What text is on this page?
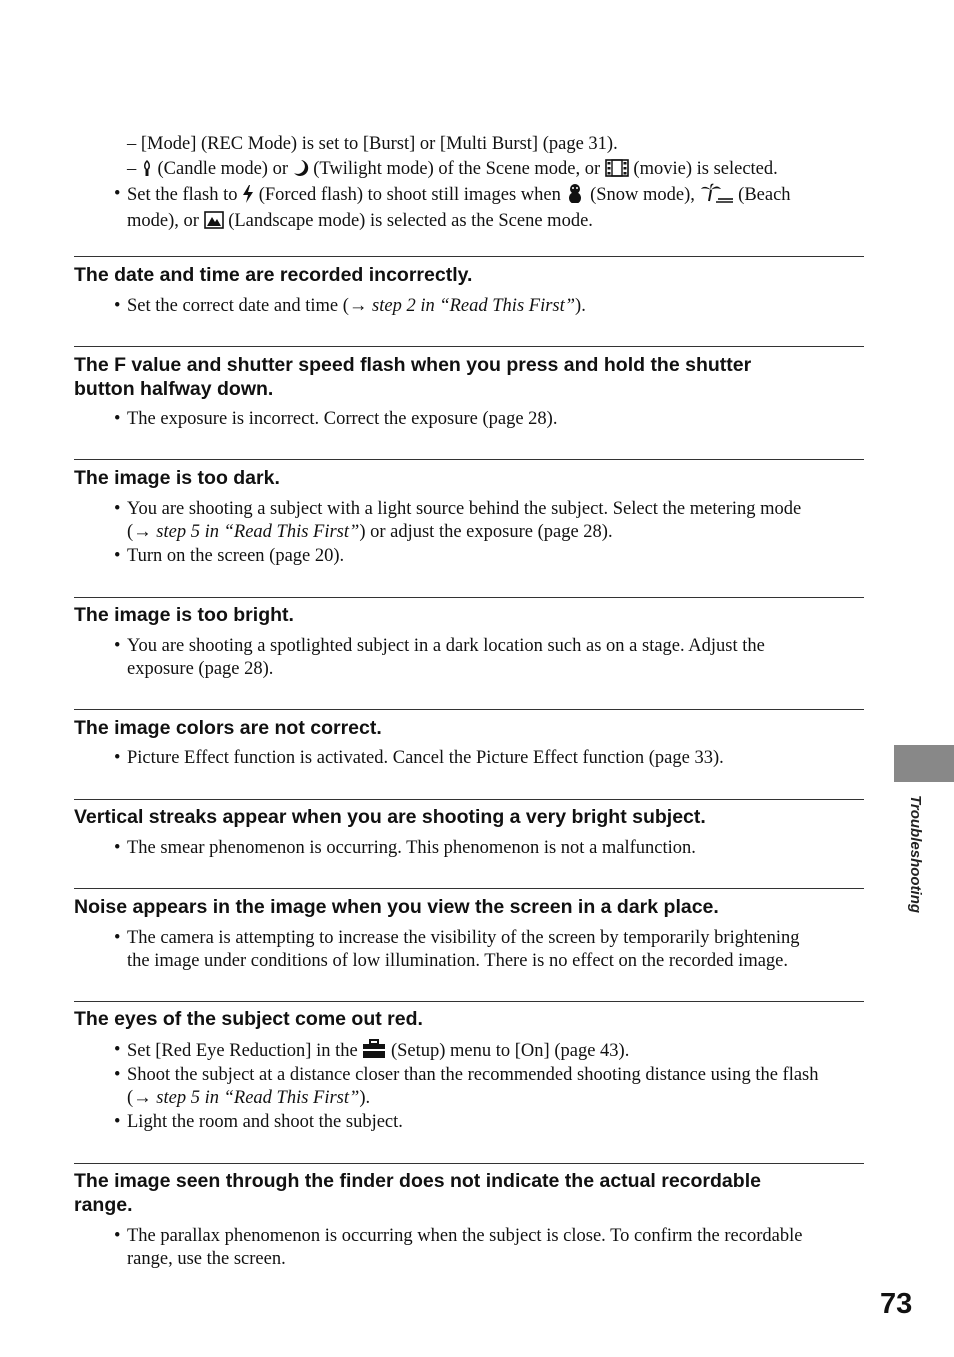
– [Mode] (REC Mode) is set to [Burst] or [Multi Burst] (page 31).
–  (Candle mode) or  (Twilight mode) of the Scene mode, or  (movie) is selected.
• Set the flash to  (Forced flash) to shoot still images when  (Snow mode),  (Beach
mode), or  (Landscape mode) is selected as the Scene mode.
The date and time are recorded incorrectly.
• Set the correct date and time (→ step 2 in “Read This First”).
The F value and shutter speed flash when you press and hold the shutter
button halfway down.
• The exposure is incorrect. Correct the exposure (page 28).
The image is too dark.
• You are shooting a subject with a light source behind the subject. Select the metering mode
(→ step 5 in “Read This First”) or adjust the exposure (page 28).
• Turn on the screen (page 20).
The image is too bright.
• You are shooting a spotlighted subject in a dark location such as on a stage. Adjust the
exposure (page 28).
The image colors are not correct.
• Picture Effect function is activated. Cancel the Picture Effect function (page 33).
Vertical streaks appear when you are shooting a very bright subject.
• The smear phenomenon is occurring. This phenomenon is not a malfunction.
Noise appears in the image when you view the screen in a dark place.
• The camera is attempting to increase the visibility of the screen by temporarily brightening
the image under conditions of low illumination. There is no effect on the recorded image.
The eyes of the subject come out red.
• Set [Red Eye Reduction] in the  (Setup) menu to [On] (page 43).
• Shoot the subject at a distance closer than the recommended shooting distance using the flash
(→ step 5 in “Read This First”).
• Light the room and shoot the subject.
The image seen through the finder does not indicate the actual recordable
range.
• The parallax phenomenon is occurring when the subject is close. To confirm the recordable
range, use the screen.
Troubleshooting
73
